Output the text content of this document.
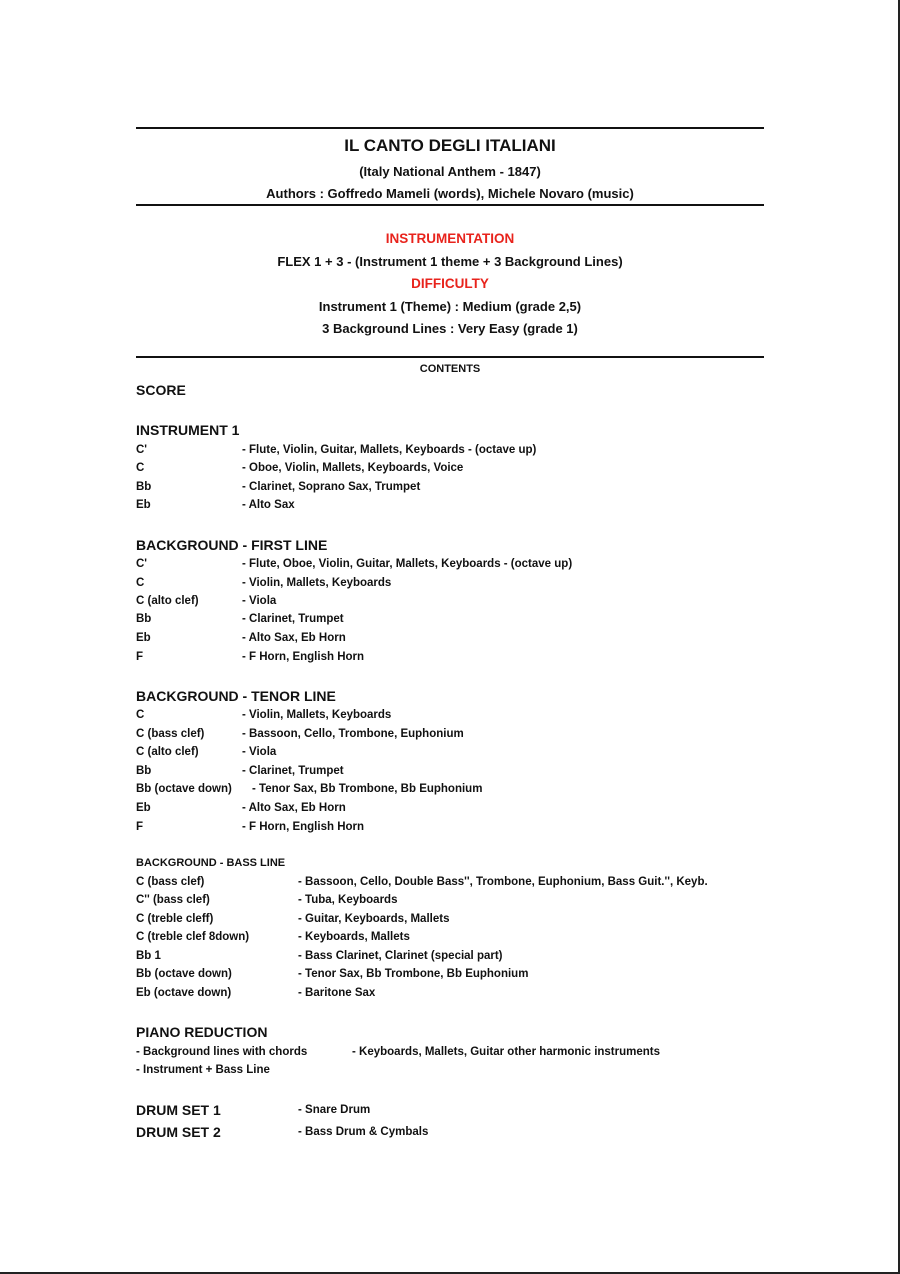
IL CANTO DEGLI ITALIANI
(Italy National Anthem - 1847)
Authors : Goffredo Mameli (words), Michele Novaro (music)
INSTRUMENTATION
FLEX 1 + 3 - (Instrument 1 theme + 3 Background Lines)
DIFFICULTY
Instrument 1 (Theme) : Medium (grade 2,5)
3 Background Lines : Very Easy (grade 1)
CONTENTS
SCORE
INSTRUMENT 1
C'	- Flute, Violin, Guitar, Mallets, Keyboards - (octave up)
C	- Oboe, Violin, Mallets, Keyboards, Voice
Bb	- Clarinet, Soprano Sax, Trumpet
Eb	- Alto Sax
BACKGROUND - FIRST LINE
C'	- Flute, Oboe, Violin, Guitar, Mallets, Keyboards - (octave up)
C	- Violin, Mallets, Keyboards
C (alto clef)	- Viola
Bb	- Clarinet, Trumpet
Eb	- Alto Sax, Eb Horn
F	- F Horn, English Horn
BACKGROUND - TENOR LINE
C	- Violin, Mallets, Keyboards
C (bass clef)	- Bassoon, Cello, Trombone, Euphonium
C (alto clef)	- Viola
Bb	- Clarinet, Trumpet
Bb (octave down) - Tenor Sax, Bb Trombone, Bb Euphonium
Eb	- Alto Sax, Eb Horn
F	- F Horn, English Horn
BACKGROUND - BASS LINE
C (bass clef)	- Bassoon, Cello, Double Bass'', Trombone, Euphonium, Bass Guit.'', Keyb.
C'' (bass clef)	- Tuba, Keyboards
C (treble cleff)	- Guitar, Keyboards, Mallets
C (treble clef 8down)	- Keyboards, Mallets
Bb 1	- Bass Clarinet, Clarinet (special part)
Bb (octave down)	- Tenor Sax, Bb Trombone, Bb Euphonium
Eb (octave down)	- Baritone Sax
PIANO REDUCTION
- Background lines with chords	- Keyboards, Mallets, Guitar other harmonic instruments
- Instrument + Bass Line
DRUM SET 1	- Snare Drum
DRUM SET 2	- Bass Drum & Cymbals
